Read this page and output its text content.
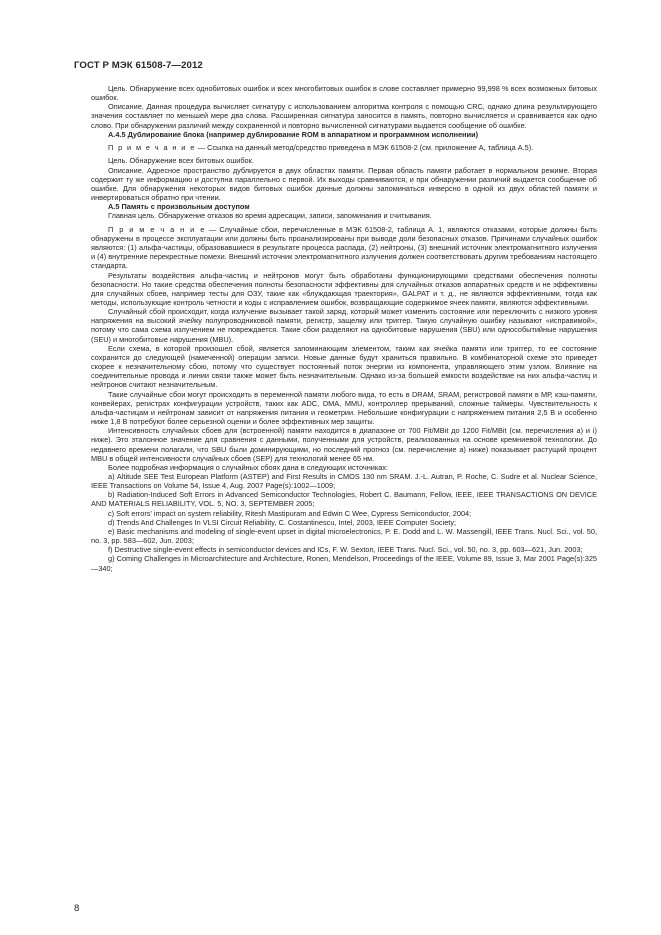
ГОСТ Р МЭК 61508-7—2012

Цель. Обнаружение всех однобитовых ошибок и всех многобитовых ошибок в слове составляет примерно 99,998 % всех возможных битовых ошибок.

Описание. Данная процедура вычисляет сигнатуру с использованием алгоритма контроля с помощью CRC, однако длина результирующего значения составляет по меньшей мере два слова. Расширенная сигнатура заносится в память, повторно вычисляется и сравнивается как одно слово. При обнаружении различий между сохраненной и повторно вычисленной сигнатурами выдается сообщение об ошибке.

А.4.5 Дублирование блока (например дублирование ROM в аппаратном и программном исполнении)

П р и м е ч а н и е — Ссылка на данный метод/средство приведена в МЭК 61508-2 (см. приложение А, таблица А.5).

Цель. Обнаружение всех битовых ошибок.

Описание. Адресное пространство дублируется в двух областях памяти. Первая область памяти работает в нормальном режиме. Вторая содержит ту же информацию и доступна параллельно с первой. Их выходы сравниваются, и при обнаружении различий выдается сообщение об ошибке. Для обнаружения некоторых видов битовых ошибок данные должны запоминаться инверсно в одной из двух областей памяти и инвертироваться обратно при чтении.

А.5 Память с произвольным доступом

Главная цель. Обнаружение отказов во время адресации, записи, запоминания и считывания.

П р и м е ч а н и е — Случайные сбои, перечисленные в МЭК 61508-2, таблица А. 1, являются отказами, которые должны быть обнаружены в процессе эксплуатации или должны быть проанализированы при выводе доли безопасных отказов. Причинами случайных ошибок являются: (1) альфа-частицы, образовавшиеся в результате процесса распада, (2) нейтроны, (3) внешний источник электромагнитного излучения и (4) внутренние перекрестные помехи. Внешний источник электромагнитного излучения должен соответствовать другим требованиям настоящего стандарта.

Результаты воздействия альфа-частиц и нейтронов могут быть обработаны функционирующими средствами обеспечения полноты безопасности. Но такие средства обеспечения полноты безопасности эффективны для случайных отказов аппаратных средств и не эффективны для случайных сбоев, например тесты для ОЗУ, такие как «блуждающая траектория», GALPAT и т. д., не являются эффективными, тогда как методы, использующие контроль четности и коды с исправлением ошибок, возвращающие содержимое ячеек памяти, являются эффективными.

Случайный сбой происходит, когда излучение вызывает такой заряд, который может изменить состояние или переключить с низкого уровня напряжения на высокий ячейку полупроводниковой памяти, регистр, защелку или триггер. Такую случайную ошибку называют «исправимой», потому что сама схема излучением не повреждается. Такие сбои разделяют на однобитовые нарушения (SBU) или однособытийные нарушения (SEU) и многобитовые нарушения (MBU).

Если схема, в которой произошел сбой, является запоминающим элементом, таким как ячейка памяти или триггер, то ее состояние сохранится до следующей (намеченной) операции записи. Новые данные будут храниться правильно. В комбинаторной схеме это приведет скорее к незначительному сбою, потому что существует постоянный поток энергии из компонента, управляющего этим узлом. Влияние на соединительные провода и линии связи также может быть незначительным. Однако из-за большей емкости воздействие на них альфа-частиц и нейтронов считают незначительным.

Такие случайные сбои могут происходить в переменной памяти любого вида, то есть в DRAM, SRAM, регистровой памяти в МР, кэш-памяти, конвейерах, регистрах конфигурации устройств, таких как ADC, DMA, MMU, контроллер прерываний, сложные таймеры. Чувствительность к альфа-частицам и нейтронам зависит от напряжения питания и геометрии. Небольшие конфигурации с напряжением питания 2,5 В и особенно ниже 1,8 В потребуют более серьезной оценки и более эффективных мер защиты.

Интенсивность случайных сбоев для (встроенной) памяти находится в диапазоне от 700 Fit/MBit до 1200 Fit/MBit (см. перечисления а) и і) ниже). Это эталонное значение для сравнения с данными, полученными для устройств, реализованных на основе кремниевой технологии. До недавнего времени полагали, что SBU были доминирующими, но последний прогноз (см. перечисление а) ниже) показывает растущий процент MBU в общей интенсивности случайных сбоев (SEP) для технологий менее 65 нм.

Более подробная информация о случайных сбоях дана в следующих источниках:

а) Altitude SEE Test European Platform (ASTEP) and First Results in CMOS 130 nm SRAM. J.-L. Autran, P. Roche, C. Sudre et al. Nuclear Science, IEEE Transactions on Volume 54, Issue 4, Aug. 2007 Page(s):1002—1009;

b) Radiation-Induced Soft Errors in Advanced Semiconductor Technologies, Robert C. Baumann, Fellow, IEEE, IEEE TRANSACTIONS ON DEVICE AND MATERIALS RELIABILITY, VOL. 5, NO. 3, SEPTEMBER 2005;

c) Soft errors' impact on system reliability, Ritesh Mastipuram and Edwin C Wee, Cypress Semiconductor, 2004;

d) Trends And Challenges In VLSI Circuit Reliability, C. Costantinescu, Intel, 2003, IEEE Computer Society;

e) Basic mechanisms and modeling of single-event upset in digital microelectronics, P. E. Dodd and L. W. Massengill, IEEE Trans. Nucl. Sci., vol. 50, no. 3, pp. 583—602, Jun. 2003;

f) Destructive single-event effects in semiconductor devices and ICs, F. W. Sexton, IEEE Trans. Nucl. Sci., vol. 50, no. 3, pp. 603—621, Jun. 2003;

g) Coming Challenges in Microarchitecture and Architecture, Ronen, Mendelson, Proceedings of the IEEE, Volume 89, Issue 3, Mar 2001 Page(s):325—340;

8
